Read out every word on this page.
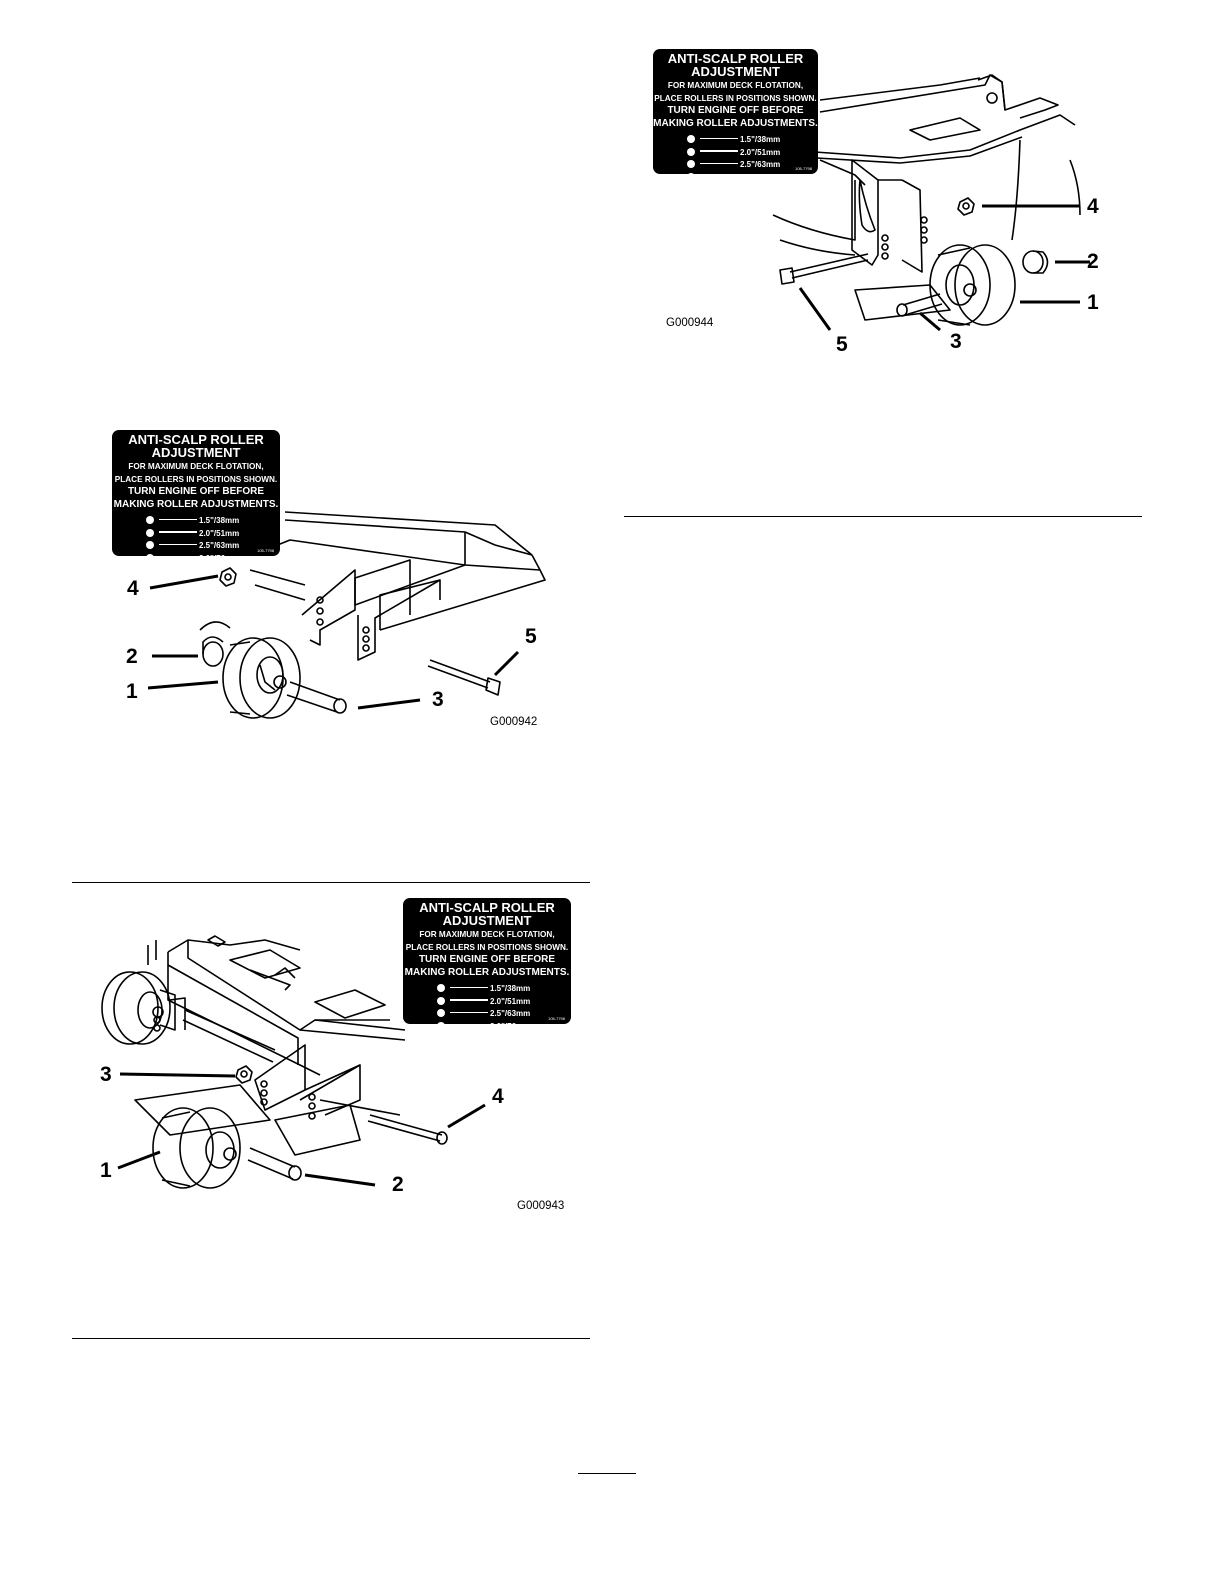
ANTI-SCALP ROLLER
ADJUSTMENT
FOR MAXIMUM DECK FLOTATION,
PLACE ROLLERS IN POSITIONS SHOWN.
TURN ENGINE OFF BEFORE
MAKING ROLLER ADJUSTMENTS.
1.5"/38mm
2.0"/51mm
2.5"/63mm
3.0"/76mm
105-7798
4
2
1	3
5
G000942
ANTI-SCALP ROLLER
ADJUSTMENT
FOR MAXIMUM DECK FLOTATION,
PLACE ROLLERS IN POSITIONS SHOWN.
TURN ENGINE OFF BEFORE
MAKING ROLLER ADJUSTMENTS.
1.5"/38mm
2.0"/51mm
2.5"/63mm
3.0"/76mm
105-7798
3
1
2
4
G000943
ANTI-SCALP ROLLER
ADJUSTMENT
FOR MAXIMUM DECK FLOTATION,
PLACE ROLLERS IN POSITIONS SHOWN.
TURN ENGINE OFF BEFORE
MAKING ROLLER ADJUSTMENTS.
1.5"/38mm
2.0"/51mm
2.5"/63mm
3.0"/76mm
105-7798
4
2
1
3
5
G000944
